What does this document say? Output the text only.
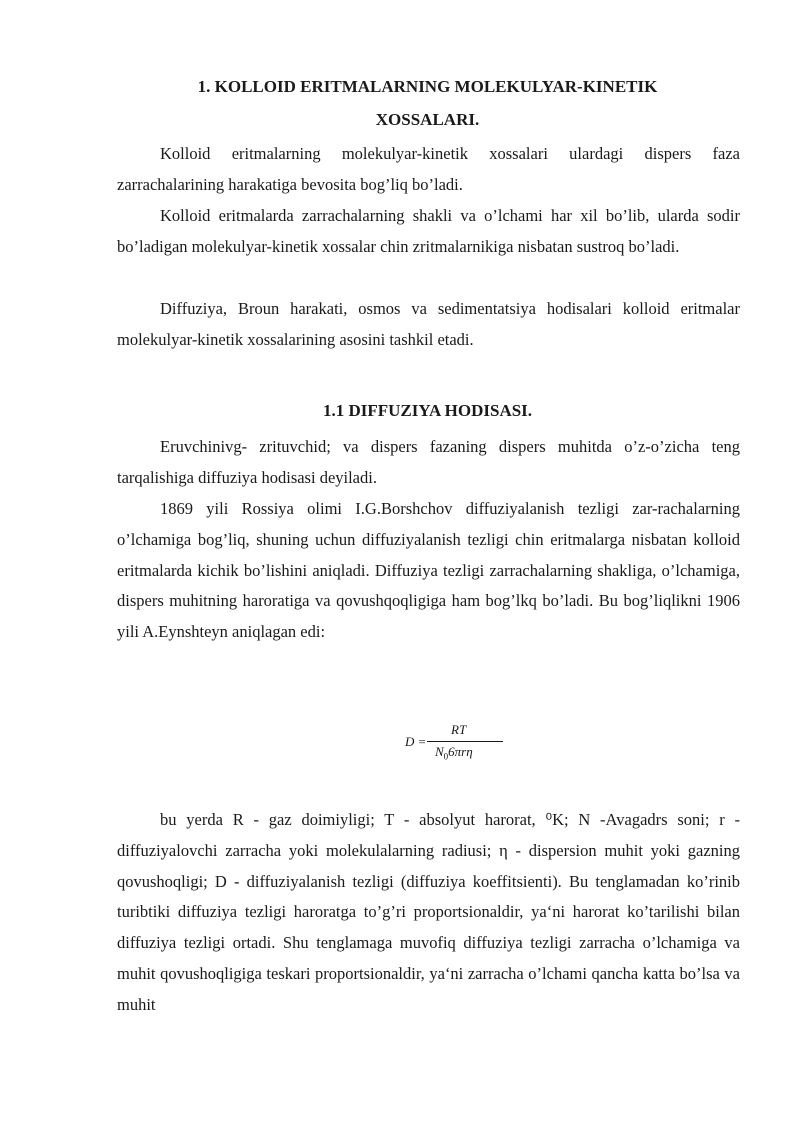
1. KOLLOID ERITMALARNING MOLEKULYAR-KINETIK
XOSSALARI.

Kolloid eritmalarning molekulyar-kinetik xossalari ulardagi dispers faza zarrachalarining harakatiga bevosita bog’liq bo’ladi.

Kolloid eritmalarda zarrachalarning shakli va o’lchami har xil bo’lib, ularda sodir bo’ladigan molekulyar-kinetik xossalar chin zritmalarnikiga nisbatan sustroq bo’ladi.

Diffuziya, Broun harakati, osmos va sedimentatsiya hodisalari kolloid eritmalar molekulyar-kinetik xossalarining asosini tashkil etadi.

1.1 DIFFUZIYA HODISASI.

Eruvchinivg- zrituvchid; va dispers fazaning dispers muhitda o’z-o’zicha teng tarqalishiga diffuziya hodisasi deyiladi.

1869 yili Rossiya olimi I.G.Borshchov diffuziyalanish tezligi zar-rachalarning o’lchamiga bog’liq, shuning uchun diffuziyalanish tezligi chin eritmalarga nisbatan kolloid eritmalarda kichik bo’lishini aniqladi. Diffuziya tezligi zarrachalarning shakliga, o’lchamiga, dispers muhitning haroratiga va qovushqoqligiga ham bog’lkq bo’ladi. Bu bog’liqlikni 1906 yili A.Eynshteyn aniqlagan edi:

D =
RT
$N_06\pi r\eta$

bu yerda R - gaz doimiyligi; T - absolyut harorat, ⁰K; N -Avagadrs soni; r - diffuziyalovchi zarracha yoki molekulalarning radiusi; η - dispersion muhit yoki gazning qovushoqligi; D - diffuziyalanish tezligi (diffuziya koeffitsienti). Bu tenglamadan ko’rinib turibtiki diffuziya tezligi haroratga to’g’ri proportsionaldir, ya‘ni harorat ko’tarilishi bilan diffuziya tezligi ortadi. Shu tenglamaga muvofiq diffuziya tezligi zarracha o’lchamiga va muhit qovushoqligiga teskari proportsionaldir, ya‘ni zarracha o’lchami qancha katta bo’lsa va muhit
